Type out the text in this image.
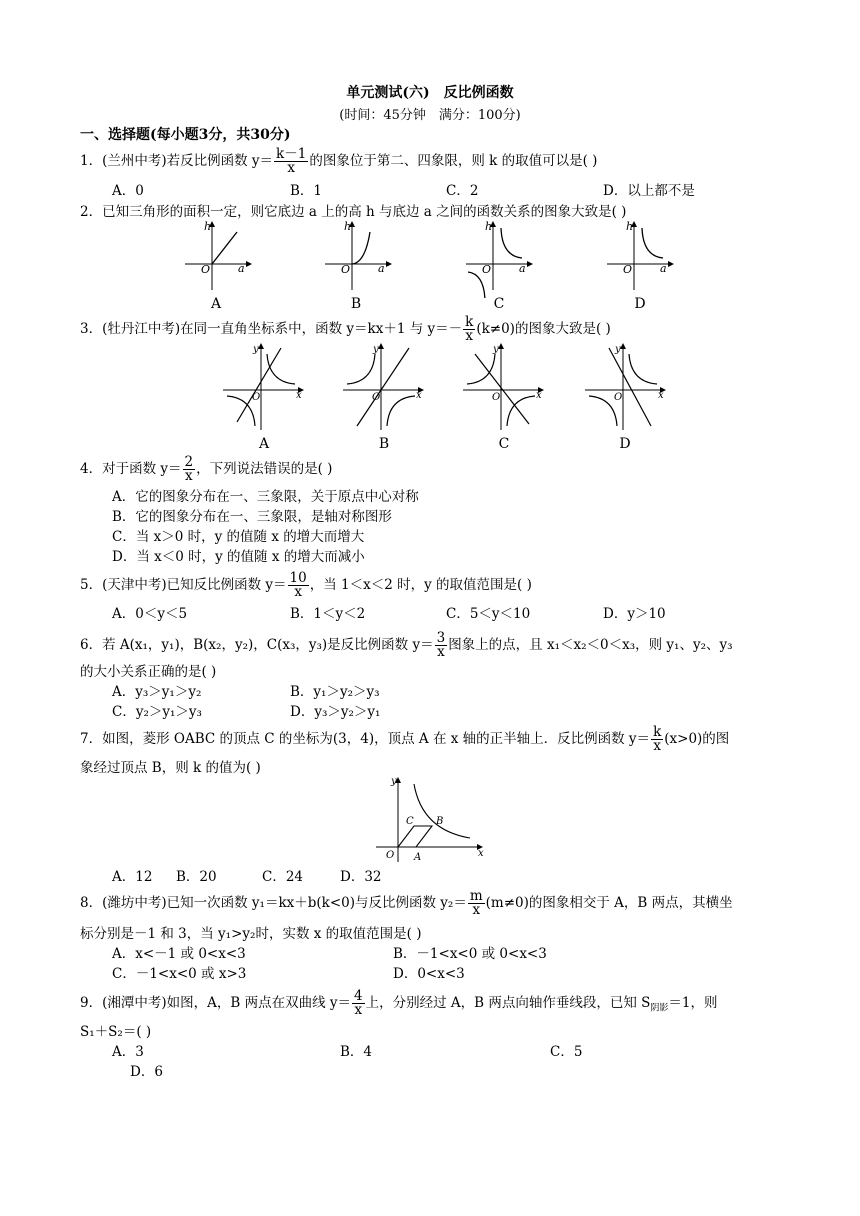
单元测试(六)　反比例函数
(时间：45分钟　满分：100分)
一、选择题(每小题3分，共30分)
1．(兰州中考)若反比例函数 $y= \frac{k-1}{x}$ 的图象位于第二、四象限，则 k 的取值可以是( )
A．0	B．1	C．2	D．以上都不是
2．已知三角形的面积一定，则它底边 a 上的高 h 与底边 a 之间的函数关系的图象大致是( )
h
a
O
h
a
O
h
a
O
h
a
O
A	B	C	D
3．(牡丹江中考)在同一直角坐标系中，函数 y＝kx＋1 与 $y=- \frac{k}{x} (k\ne 0)$的图象大致是( )
y
x
O
y
x
O
y
x
O
y
x
O
A	B	C	D
4．对于函数 $y= \frac{2}{x}$ ，下列说法错误的是( )
A．它的图象分布在一、三象限，关于原点中心对称
B．它的图象分布在一、三象限，是轴对称图形
C．当 x＞0 时，y 的值随 x 的增大而增大
D．当 x＜0 时，y 的值随 x 的增大而减小
5．(天津中考)已知反比例函数 $y= \frac{10}{x}$ ，当 1＜x＜2 时，y 的取值范围是( )
A．0＜y＜5	B．1＜y＜2	C．5＜y＜10	D．y＞10
6．若 A(x₁，y₁)，B(x₂，y₂)，C(x₃，y₃)是反比例函数 $y= \frac{3}{x}$ 图象上的点，且 x₁＜x₂＜0＜x₃，则 y₁、y₂、y₃
的大小关系正确的是( )
A．y₃＞y₁＞y₂	B．y₁＞y₂＞y₃
C．y₂＞y₁＞y₃	D．y₃＞y₂＞y₁
7．如图，菱形 OABC 的顶点 C 的坐标为(3，4)，顶点 A 在 x 轴的正半轴上．反比例函数 $y= \frac{k}{x} (x>0)$的图
象经过顶点 B，则 k 的值为( )
y
x
O A
B
C
A．12 B．20	C．24	D．32
8．(潍坊中考)已知一次函数 y₁＝kx＋b(k<0)与反比例函数 $y_2= \frac{m}{x} (m\ne 0)$的图象相交于 A，B 两点，其横坐
标分别是－1 和 3，当 y₁>y₂时，实数 x 的取值范围是( )
A．x<－1 或 0<x<3	B．－1<x<0 或 0<x<3
C．－1<x<0 或 x>3	D．0<x<3
9．(湘潭中考)如图，A，B 两点在双曲线 $y= \frac{4}{x}$ 上，分别经过 A，B 两点向轴作垂线段，已知 $S_{阴影}=1$，则
S₁＋S₂＝( )
A．3	B．4	C．5
D．6
